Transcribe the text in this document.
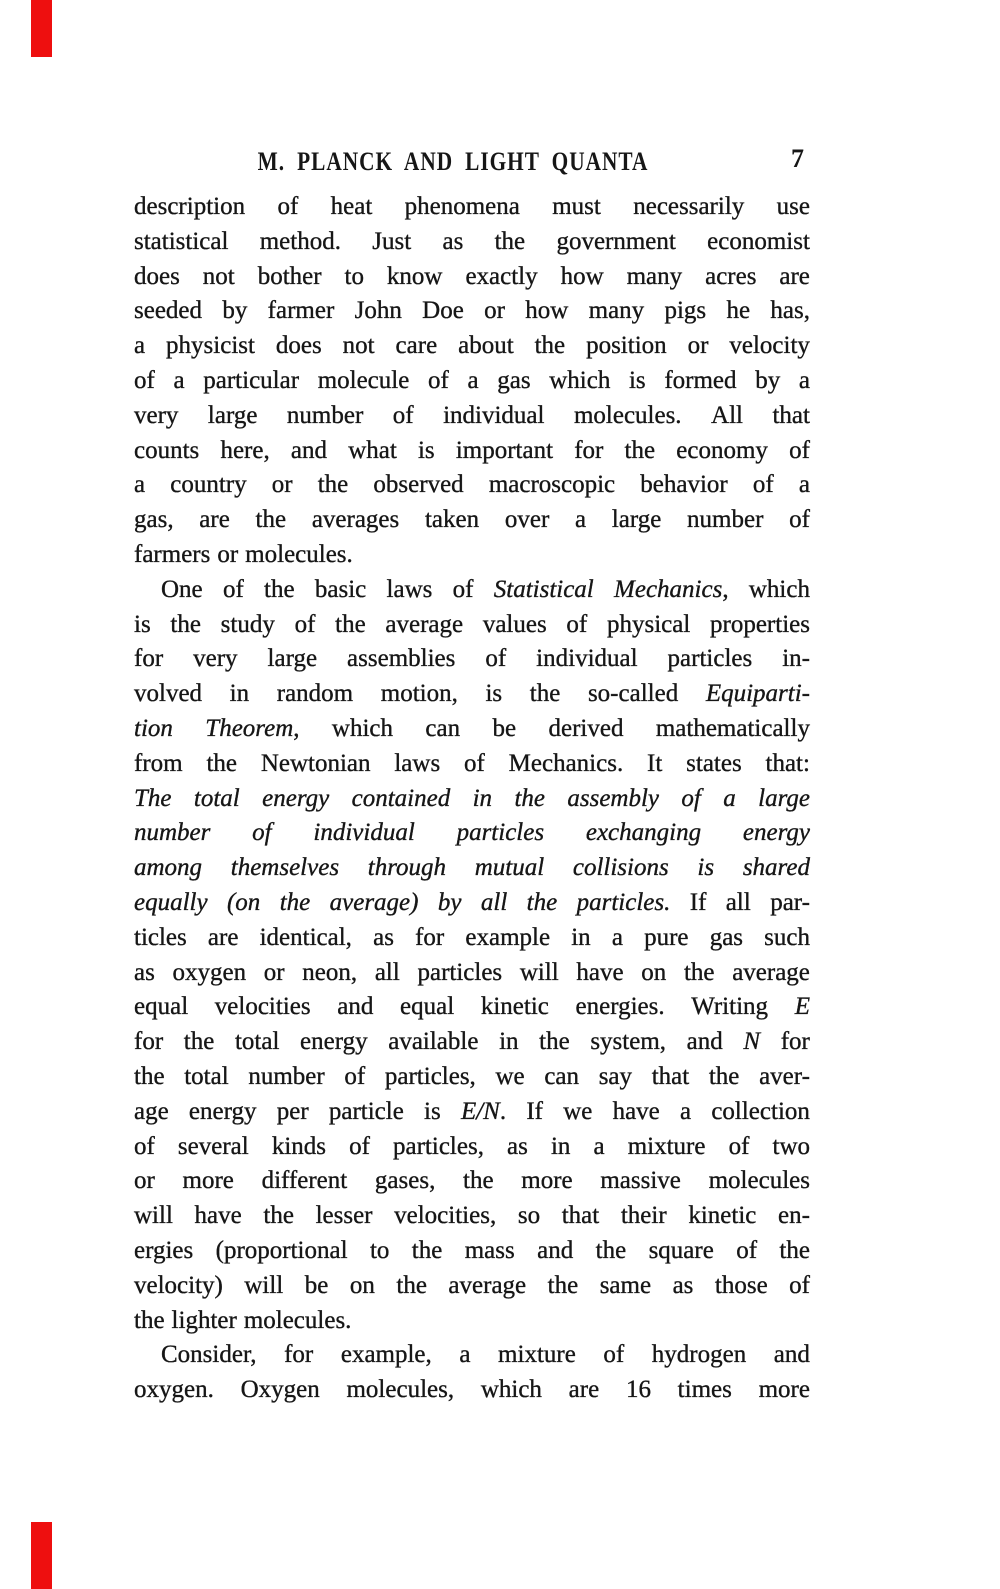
M. PLANCK AND LIGHT QUANTA	7
description of heat phenomena must necessarily use
statistical method. Just as the government economist
does not bother to know exactly how many acres are
seeded by farmer John Doe or how many pigs he has,
a physicist does not care about the position or velocity
of a particular molecule of a gas which is formed by a
very large number of individual molecules. All that
counts here, and what is important for the economy of
a country or the observed macroscopic behavior of a
gas, are the averages taken over a large number of
farmers or molecules.
One of the basic laws of Statistical Mechanics, which
is the study of the average values of physical properties
for very large assemblies of individual particles in-
volved in random motion, is the so-called Equiparti-
tion Theorem, which can be derived mathematically
from the Newtonian laws of Mechanics. It states that:
The total energy contained in the assembly of a large
number of individual particles exchanging energy
among themselves through mutual collisions is shared
equally (on the average) by all the particles. If all par-
ticles are identical, as for example in a pure gas such
as oxygen or neon, all particles will have on the average
equal velocities and equal kinetic energies. Writing E
for the total energy available in the system, and N for
the total number of particles, we can say that the aver-
age energy per particle is E/N. If we have a collection
of several kinds of particles, as in a mixture of two
or more different gases, the more massive molecules
will have the lesser velocities, so that their kinetic en-
ergies (proportional to the mass and the square of the
velocity) will be on the average the same as those of
the lighter molecules.
Consider, for example, a mixture of hydrogen and
oxygen. Oxygen molecules, which are 16 times more
